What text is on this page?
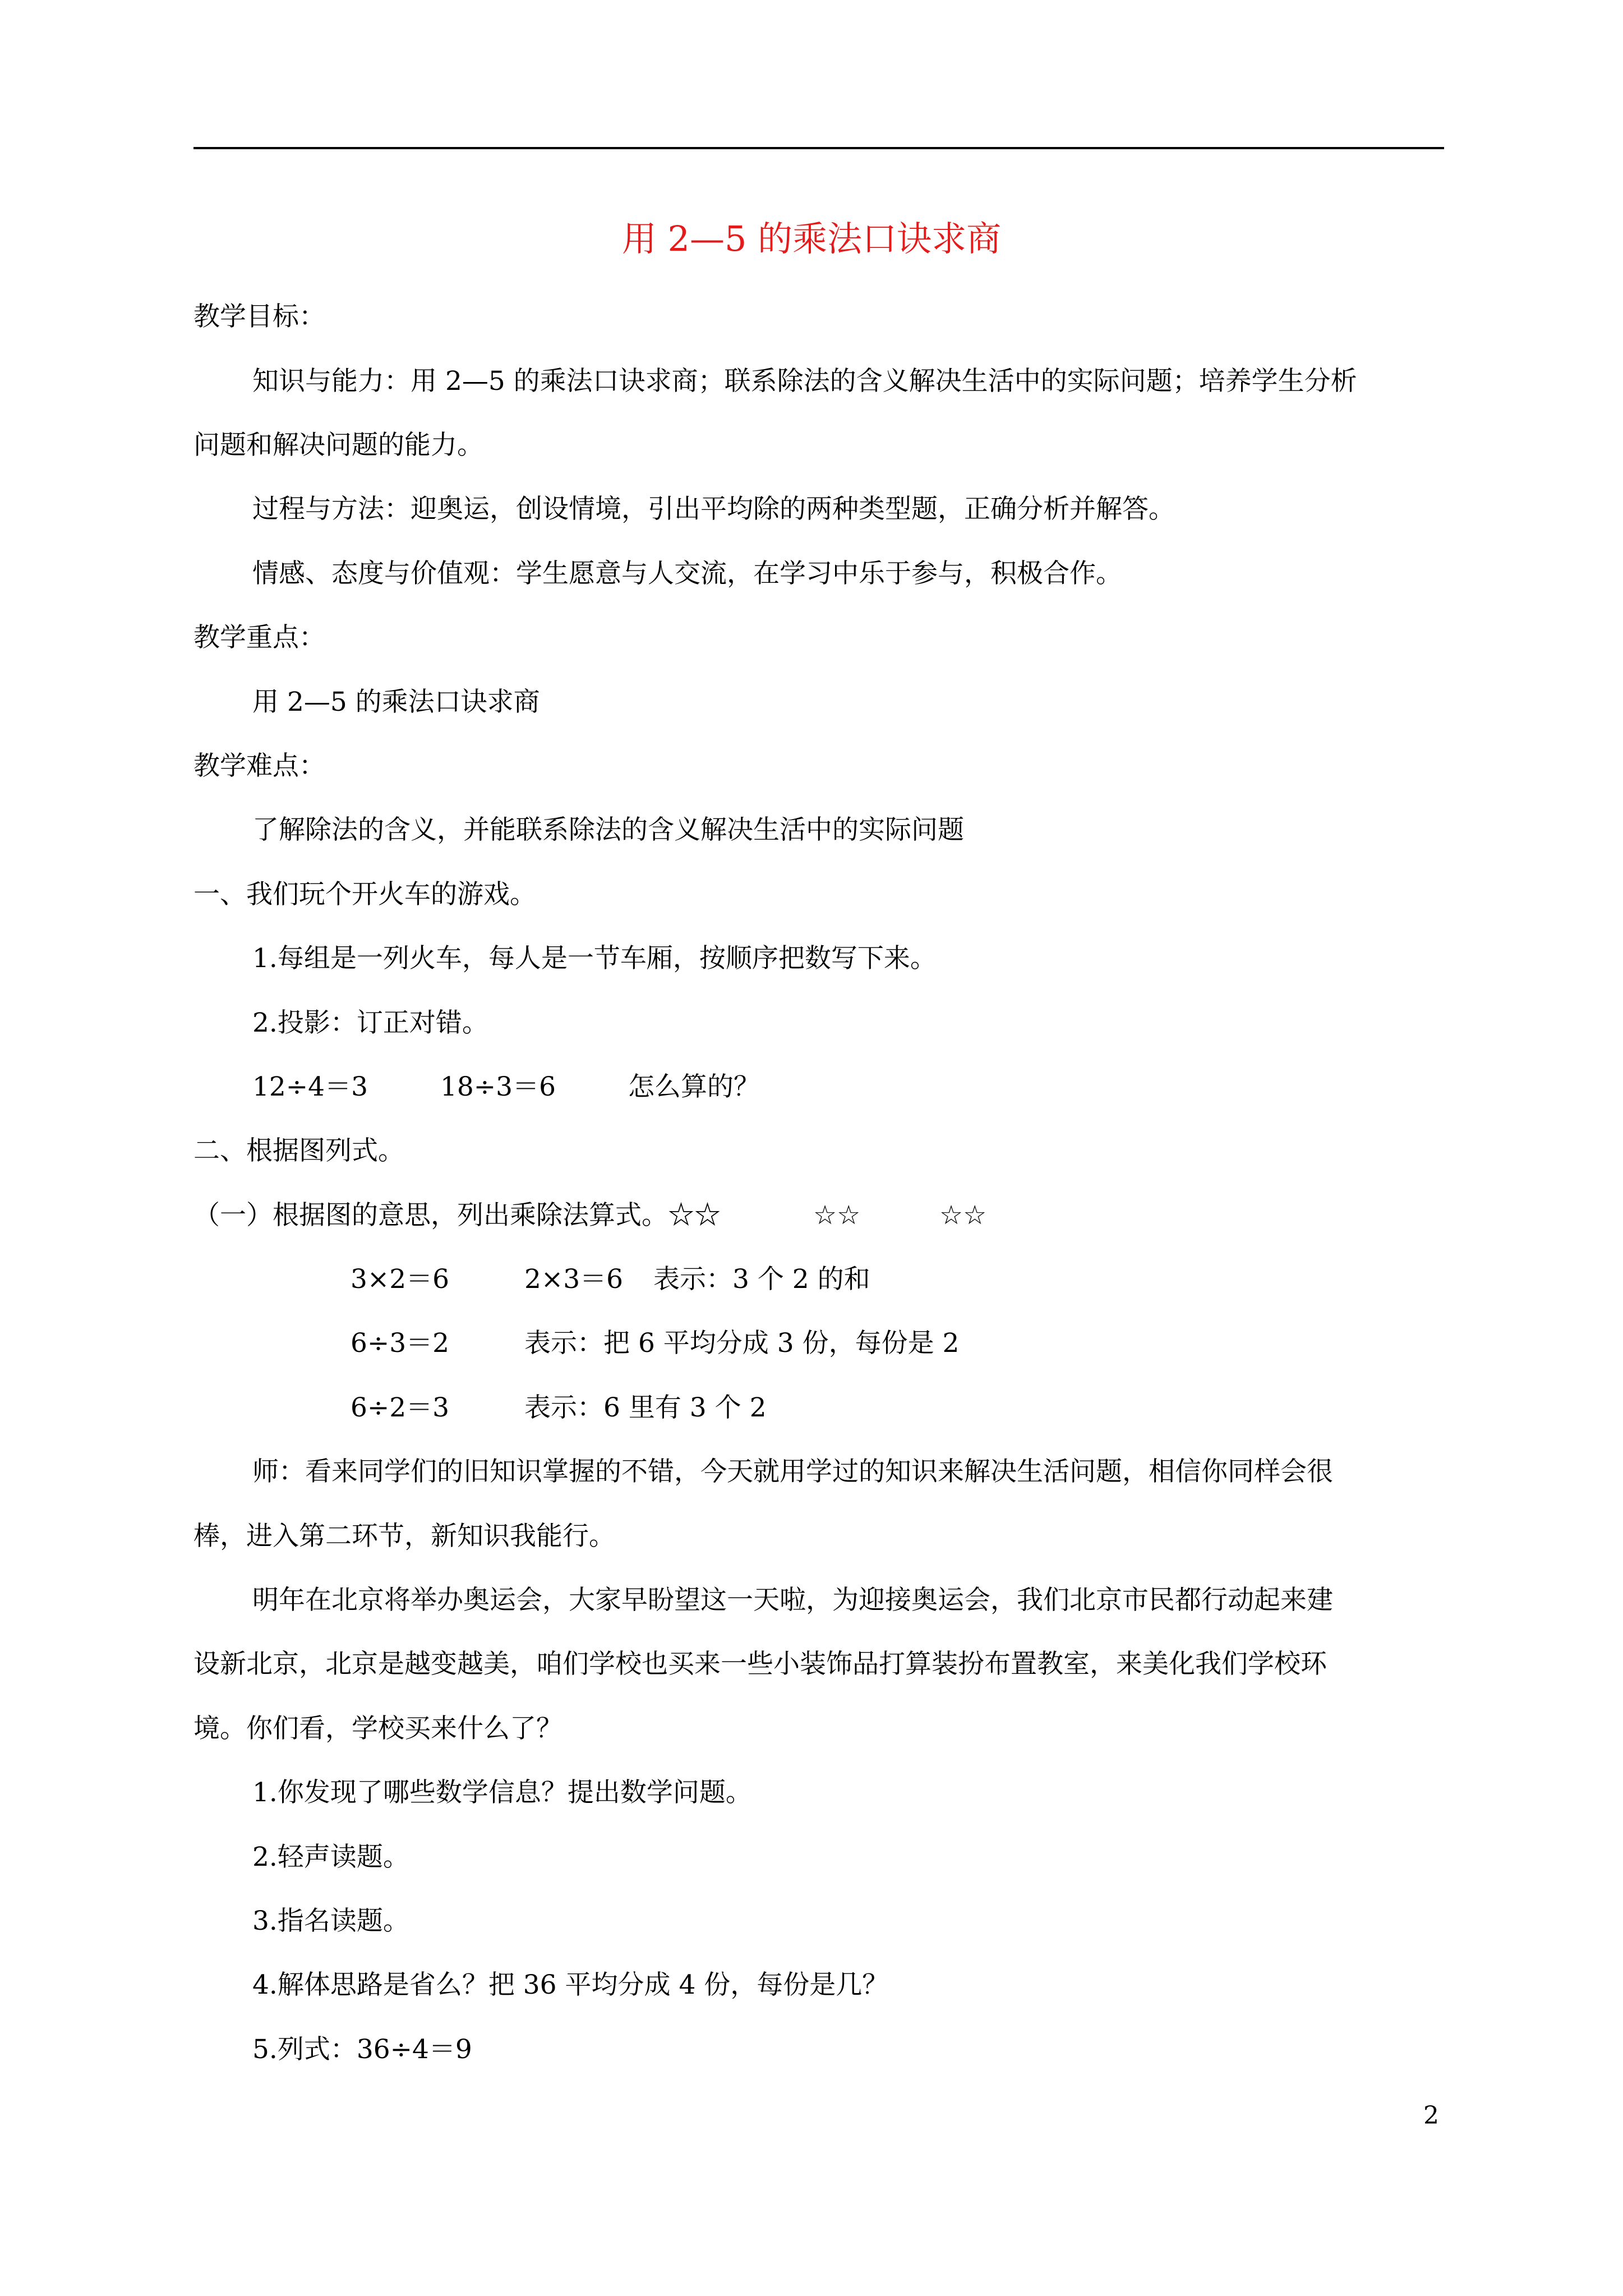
用 2—5 的乘法口诀求商
教学目标：
知识与能力：用 2—5 的乘法口诀求商；联系除法的含义解决生活中的实际问题；培养学生分析
问题和解决问题的能力。
过程与方法：迎奥运，创设情境，引出平均除的两种类型题，正确分析并解答。
情感、态度与价值观：学生愿意与人交流，在学习中乐于参与，积极合作。
教学重点：
用 2—5 的乘法口诀求商
教学难点：
了解除法的含义，并能联系除法的含义解决生活中的实际问题
一、我们玩个开火车的游戏。
1.每组是一列火车，每人是一节车厢，按顺序把数写下来。
2.投影：订正对错。
12÷4＝3	18÷3＝6	怎么算的？
二、根据图列式。
（一）根据图的意思，列出乘除法算式。☆☆	☆☆	☆☆
3×2＝6	2×3＝6 表示：3 个 2 的和
6÷3＝2	表示：把 6 平均分成 3 份，每份是 2
6÷2＝3	表示：6 里有 3 个 2
师：看来同学们的旧知识掌握的不错，今天就用学过的知识来解决生活问题，相信你同样会很
棒，进入第二环节，新知识我能行。
明年在北京将举办奥运会，大家早盼望这一天啦，为迎接奥运会，我们北京市民都行动起来建
设新北京，北京是越变越美，咱们学校也买来一些小装饰品打算装扮布置教室，来美化我们学校环
境。你们看，学校买来什么了？
1.你发现了哪些数学信息？提出数学问题。
2.轻声读题。
3.指名读题。
4.解体思路是省么？把 36 平均分成 4 份，每份是几？
5.列式：36÷4＝9
2
